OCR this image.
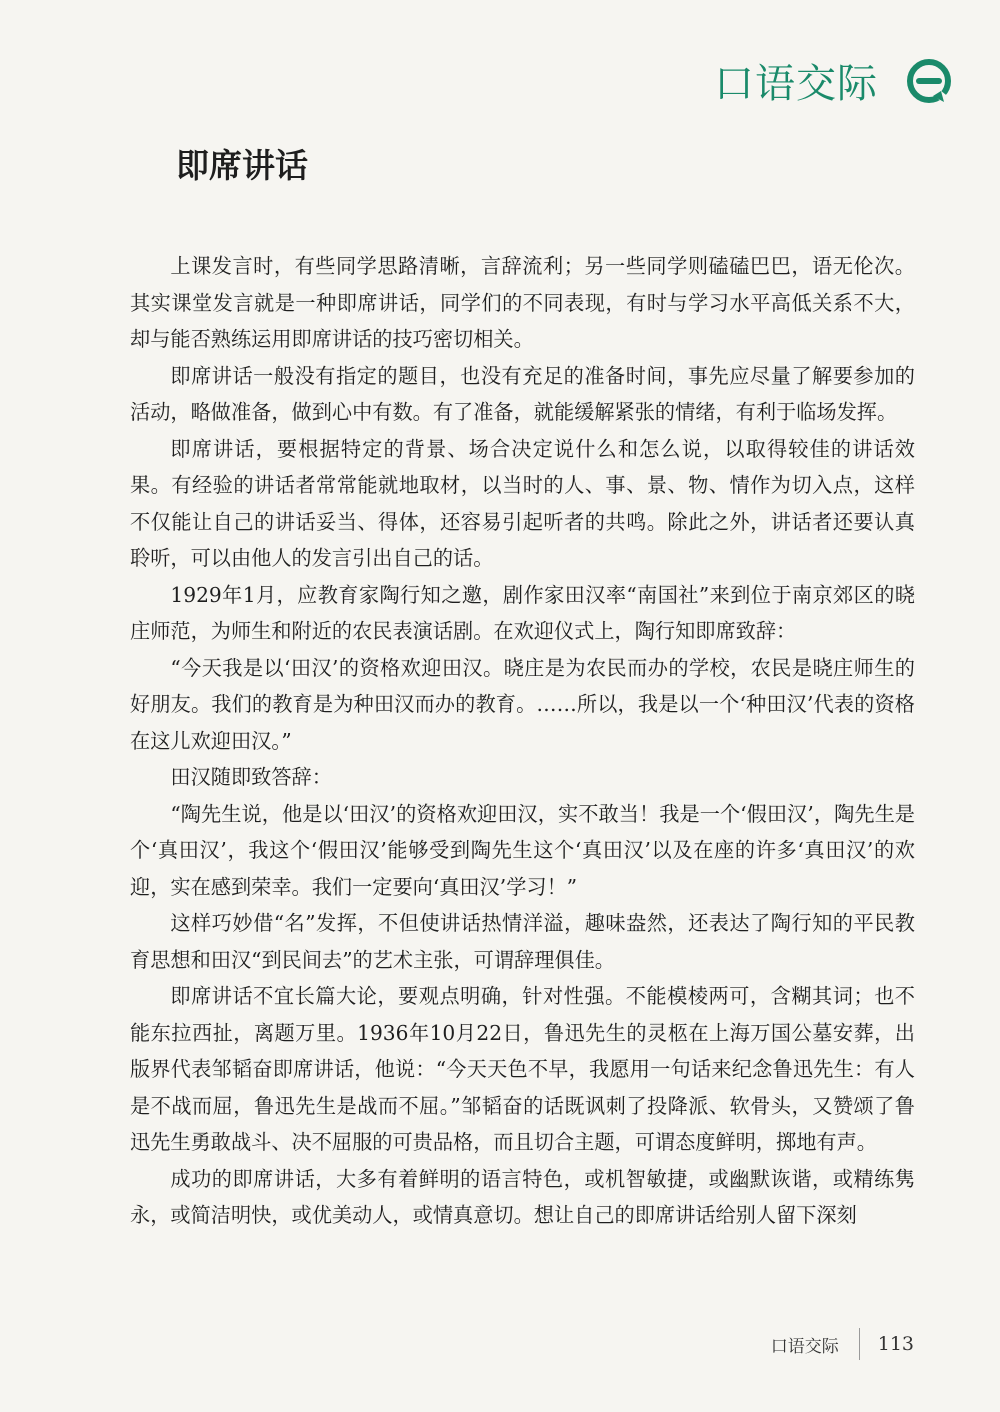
口语交际
即席讲话

上课发言时，有些同学思路清晰，言辞流利；另一些同学则磕磕巴巴，语无伦次。其实课堂发言就是一种即席讲话，同学们的不同表现，有时与学习水平高低关系不大，却与能否熟练运用即席讲话的技巧密切相关。

即席讲话一般没有指定的题目，也没有充足的准备时间，事先应尽量了解要参加的活动，略做准备，做到心中有数。有了准备，就能缓解紧张的情绪，有利于临场发挥。

即席讲话，要根据特定的背景、场合决定说什么和怎么说，以取得较佳的讲话效果。有经验的讲话者常常能就地取材，以当时的人、事、景、物、情作为切入点，这样不仅能让自己的讲话妥当、得体，还容易引起听者的共鸣。除此之外，讲话者还要认真聆听，可以由他人的发言引出自己的话。

1929年1月，应教育家陶行知之邀，剧作家田汉率“南国社”来到位于南京郊区的晓庄师范，为师生和附近的农民表演话剧。在欢迎仪式上，陶行知即席致辞：

“今天我是以‘田汉’的资格欢迎田汉。晓庄是为农民而办的学校，农民是晓庄师生的好朋友。我们的教育是为种田汉而办的教育。……所以，我是以一个‘种田汉’代表的资格在这儿欢迎田汉。”

田汉随即致答辞：

“陶先生说，他是以‘田汉’的资格欢迎田汉，实不敢当！我是一个‘假田汉’，陶先生是个‘真田汉’，我这个‘假田汉’能够受到陶先生这个‘真田汉’以及在座的许多‘真田汉’的欢迎，实在感到荣幸。我们一定要向‘真田汉’学习！”

这样巧妙借“名”发挥，不但使讲话热情洋溢，趣味盎然，还表达了陶行知的平民教育思想和田汉“到民间去”的艺术主张，可谓辞理俱佳。

即席讲话不宜长篇大论，要观点明确，针对性强。不能模棱两可，含糊其词；也不能东拉西扯，离题万里。1936年10月22日，鲁迅先生的灵柩在上海万国公墓安葬，出版界代表邹韬奋即席讲话，他说：“今天天色不早，我愿用一句话来纪念鲁迅先生：有人是不战而屈，鲁迅先生是战而不屈。”邹韬奋的话既讽刺了投降派、软骨头，又赞颂了鲁迅先生勇敢战斗、决不屈服的可贵品格，而且切合主题，可谓态度鲜明，掷地有声。

成功的即席讲话，大多有着鲜明的语言特色，或机智敏捷，或幽默诙谐，或精练隽永，或简洁明快，或优美动人，或情真意切。想让自己的即席讲话给别人留下深刻

口语交际 113
